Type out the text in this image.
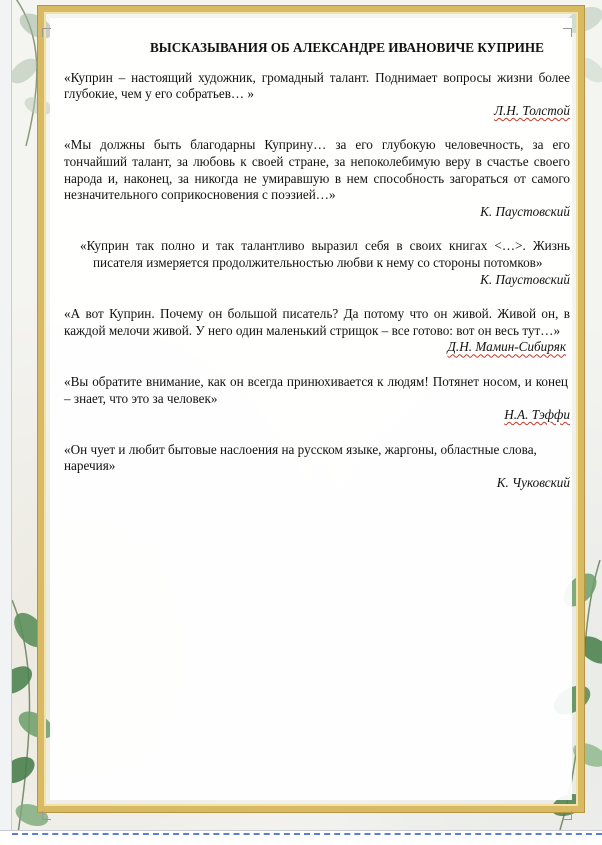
ВЫСКАЗЫВАНИЯ ОБ АЛЕКСАНДРЕ ИВАНОВИЧЕ КУПРИНЕ
«Куприн – настоящий художник, громадный талант. Поднимает вопросы жизни более глубокие, чем у его собратьев… »
Л.Н. Толстой
«Мы должны быть благодарны Куприну… за его глубокую человечность, за его тончайший талант, за любовь к своей стране, за непоколебимую веру в счастье своего народа и, наконец, за никогда не умиравшую в нем способность загораться от самого незначительного соприкосновения с поэзией…»
К. Паустовский
«Куприн так полно и так талантливо выразил себя в своих книгах <…>. Жизнь писателя измеряется продолжительностью любви к нему со стороны потомков»
К. Паустовский
«А вот Куприн. Почему он большой писатель? Да потому что он живой. Живой он, в каждой мелочи живой. У него один маленький стрищок – все готово: вот он весь тут…»
Д.Н. Мамин-Сибиряк
«Вы обратите внимание, как он всегда принюхивается к людям! Потянет носом, и конец – знает, что это за человек»
Н.А. Тэффи
«Он чует и любит бытовые наслоения на русском языке, жаргоны, областные слова, наречия»
К. Чуковский
